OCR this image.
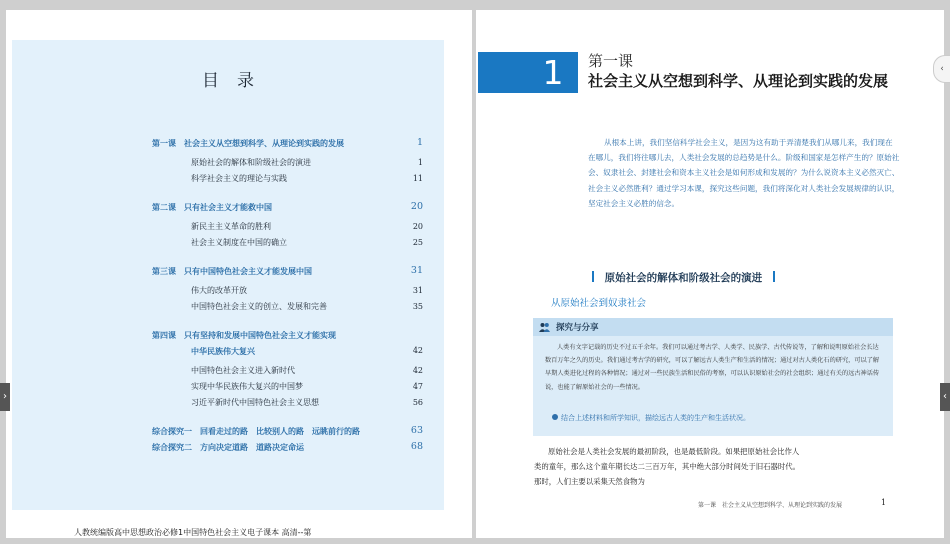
目录
第一课　社会主义从空想到科学、从理论到实践的发展	1
原始社会的解体和阶级社会的演进	1
科学社会主义的理论与实践	11
第二课　只有社会主义才能救中国	20
新民主主义革命的胜利	20
社会主义制度在中国的确立	25
第三课　只有中国特色社会主义才能发展中国	31
伟大的改革开放	31
中国特色社会主义的创立、发展和完善	35
第四课　只有坚持和发展中国特色社会主义才能实现
中华民族伟大复兴	42
中国特色社会主义进入新时代	42
实现中华民族伟大复兴的中国梦	47
习近平新时代中国特色社会主义思想	56
综合探究一　回看走过的路　比较别人的路　远眺前行的路	63
综合探究二　方向决定道路　道路决定命运	68
人教统编版高中思想政治必修1中国特色社会主义电子课本 高清--第
1	第一课
社会主义从空想到科学、从理论到实践的发展
从根本上讲，我们坚信科学社会主义，是因为这有助于弄清楚我们从哪儿来，我们现在在哪儿，我们将往哪儿去，人类社会发展的总趋势是什么。阶级和国家是怎样产生的？原始社会、奴隶社会、封建社会和资本主义社会是如何形成和发展的？为什么说资本主义必然灭亡、社会主义必然胜利？通过学习本课，探究这些问题，我们将深化对人类社会发展规律的认识，坚定社会主义必胜的信念。
原始社会的解体和阶级社会的演进
从原始社会到奴隶社会
探究与分享
人类有文字记载的历史不过五千余年。我们可以通过考古学、人类学、民族学、古代传说等，了解和说明原始社会长达数百万年之久的历史。我们通过考古学的研究，可以了解远古人类生产和生活的情况；通过对古人类化石的研究，可以了解早期人类进化过程的各种情况；通过对一些民族生活和民俗的考察，可以认识原始社会的社会组织；通过有关的远古神话传说，也能了解原始社会的一些情况。
结合上述材料和所学知识，描绘远古人类的生产和生活状况。
原始社会是人类社会发展的最初阶段，也是最低阶段。如果把原始社会比作人类的童年，那么这个童年期长达二三百万年，其中绝大部分时间处于旧石器时代。那时，人们主要以采集天然食物为
第一课　社会主义从空想到科学、从理论到实践的发展	1
›	‹
‹
